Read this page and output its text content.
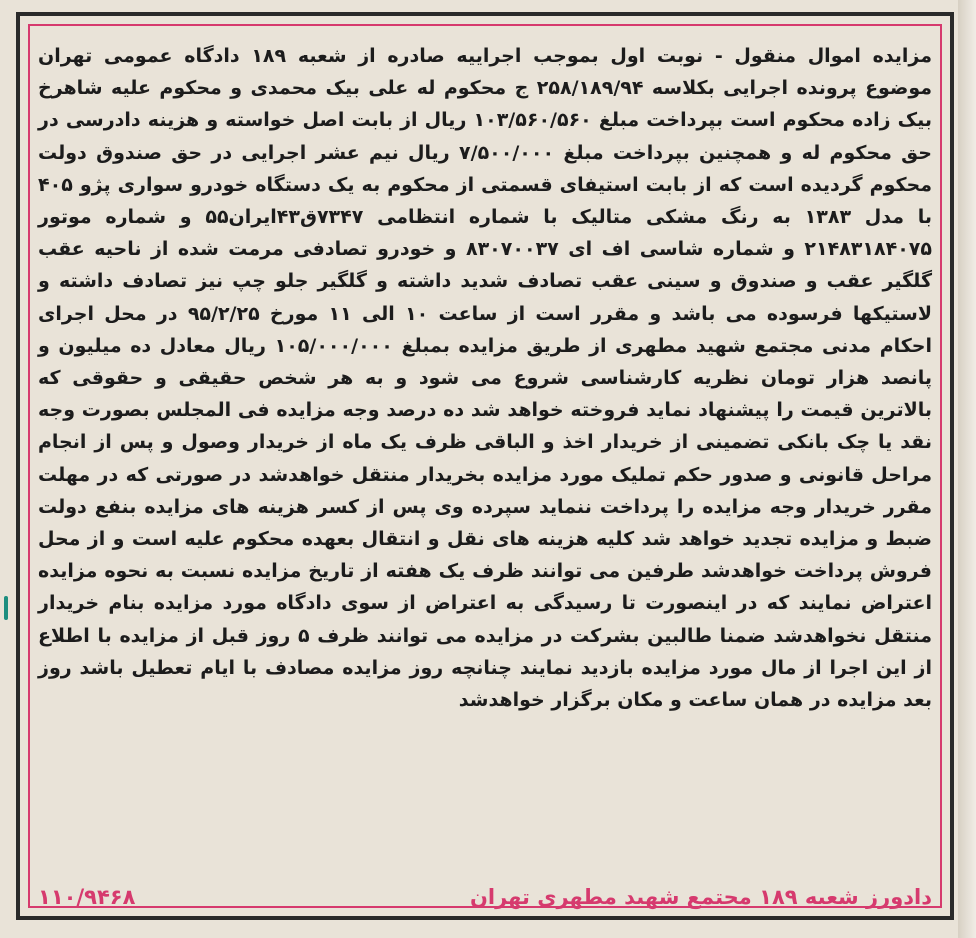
مزایده اموال منقول - نوبت اول بموجب اجراییه صادره از شعبه ۱۸۹ دادگاه عمومی تهران موضوع پرونده اجرایی بکلاسه ۲۵۸/۱۸۹/۹۴ ج محکوم له علی بیک محمدی و محکوم علیه شاهرخ بیک زاده محکوم است بپرداخت مبلغ ۱۰۳/۵۶۰/۵۶۰ ریال از بابت اصل خواسته و هزینه دادرسی در حق محکوم له و همچنین بپرداخت مبلغ ۷/۵۰۰/۰۰۰ ریال نیم عشر اجرایی در حق صندوق دولت محکوم گردیده است که از بابت استیفای قسمتی از محکوم به یک دستگاه خودرو سواری پژو ۴۰۵ با مدل ۱۳۸۳ به رنگ مشکی متالیک با شماره انتظامی ۷۳۴۷ق۴۳ایران۵۵ و شماره موتور ۲۱۴۸۳۱۸۴۰۷۵ و شماره شاسی اف ای ۸۳۰۷۰۰۳۷ و خودرو تصادفی مرمت شده از ناحیه عقب گلگیر عقب و صندوق و سینی عقب تصادف شدید داشته و گلگیر جلو چپ نیز تصادف داشته و لاستیکها فرسوده می باشد و مقرر است از ساعت ۱۰ الی ۱۱ مورخ ۹۵/۲/۲۵ در محل اجرای احکام مدنی مجتمع شهید مطهری از طریق مزایده بمبلغ ۱۰۵/۰۰۰/۰۰۰ ریال معادل ده میلیون و پانصد هزار تومان نظریه کارشناسی شروع می شود و به هر شخص حقیقی و حقوقی که بالاترین قیمت را پیشنهاد نماید فروخته خواهد شد ده درصد وجه مزایده فی المجلس بصورت وجه نقد یا چک بانکی تضمینی از خریدار اخذ و الباقی ظرف یک ماه از خریدار وصول و پس از انجام مراحل قانونی و صدور حکم تملیک مورد مزایده بخریدار منتقل خواهدشد در صورتی که در مهلت مقرر خریدار وجه مزایده را پرداخت ننماید سپرده وی پس از کسر هزینه های مزایده بنفع دولت ضبط و مزایده تجدید خواهد شد کلیه هزینه های نقل و انتقال بعهده محکوم علیه است و از محل فروش پرداخت خواهدشد طرفین می توانند ظرف یک هفته از تاریخ مزایده نسبت به نحوه مزایده اعتراض نمایند که در اینصورت تا رسیدگی به اعتراض از سوی دادگاه مورد مزایده بنام خریدار منتقل نخواهدشد ضمنا طالبین بشرکت در مزایده می توانند ظرف ۵ روز قبل از مزایده با اطلاع از این اجرا از مال مورد مزایده بازدید نمایند چنانچه روز مزایده مصادف با ایام تعطیل باشد روز بعد مزایده در همان ساعت و مکان برگزار خواهدشد
دادورز شعبه ۱۸۹ مجتمع شهید مطهری تهران
۱۱۰/۹۴۶۸
